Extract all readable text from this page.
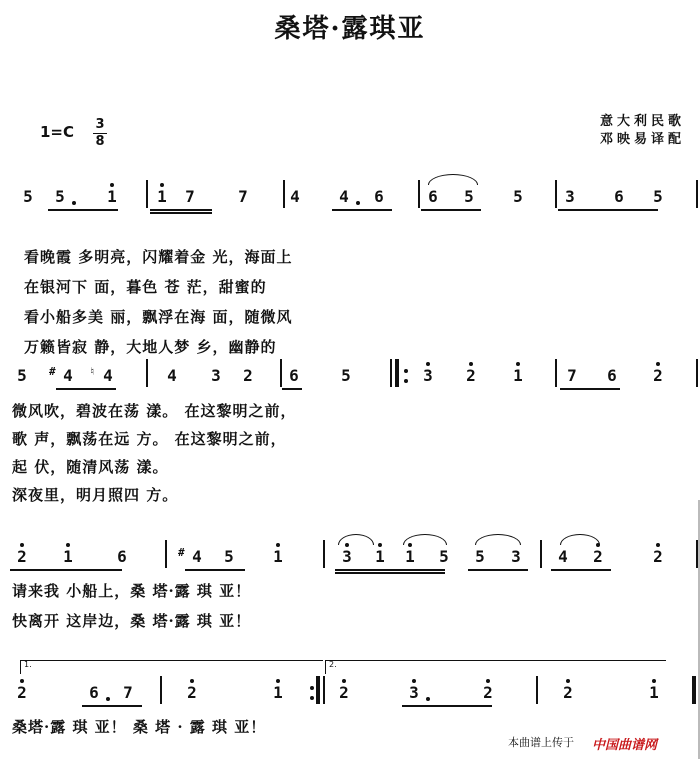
桑塔·露琪亚
意大利民歌
邓映易译配
1=C 3
8
5	5	1	1	7	7	4	4	6	6	5	5	3	6	5
5	4
#	4
♮	4	3	2	6	5	3	2	1	7	6	2
2	1	6	4
#	5	1	3	1	1	5	5	3	4	2	2
2	6	7	2	1	2	3	2	2	1
看晚霞 多明亮，闪耀着金 光，海面上
在银河下 面，暮色 苍 茫，甜蜜的
看小船多美 丽，飘浮在海 面，随微风
万籁皆寂 静，大地人梦 乡，幽静的
微风吹，碧波在荡 漾。 在这黎明之前，
歌 声，飘荡在远 方。 在这黎明之前，
起 伏，随清风荡 漾。
深夜里，明月照四 方。
请来我 小船上，桑 塔·露 琪 亚！
快离开 这岸边，桑 塔·露 琪 亚！
桑塔·露 琪 亚！ 桑 塔 · 露 琪 亚！
1.	2.
本曲谱上传于 中国曲谱网
